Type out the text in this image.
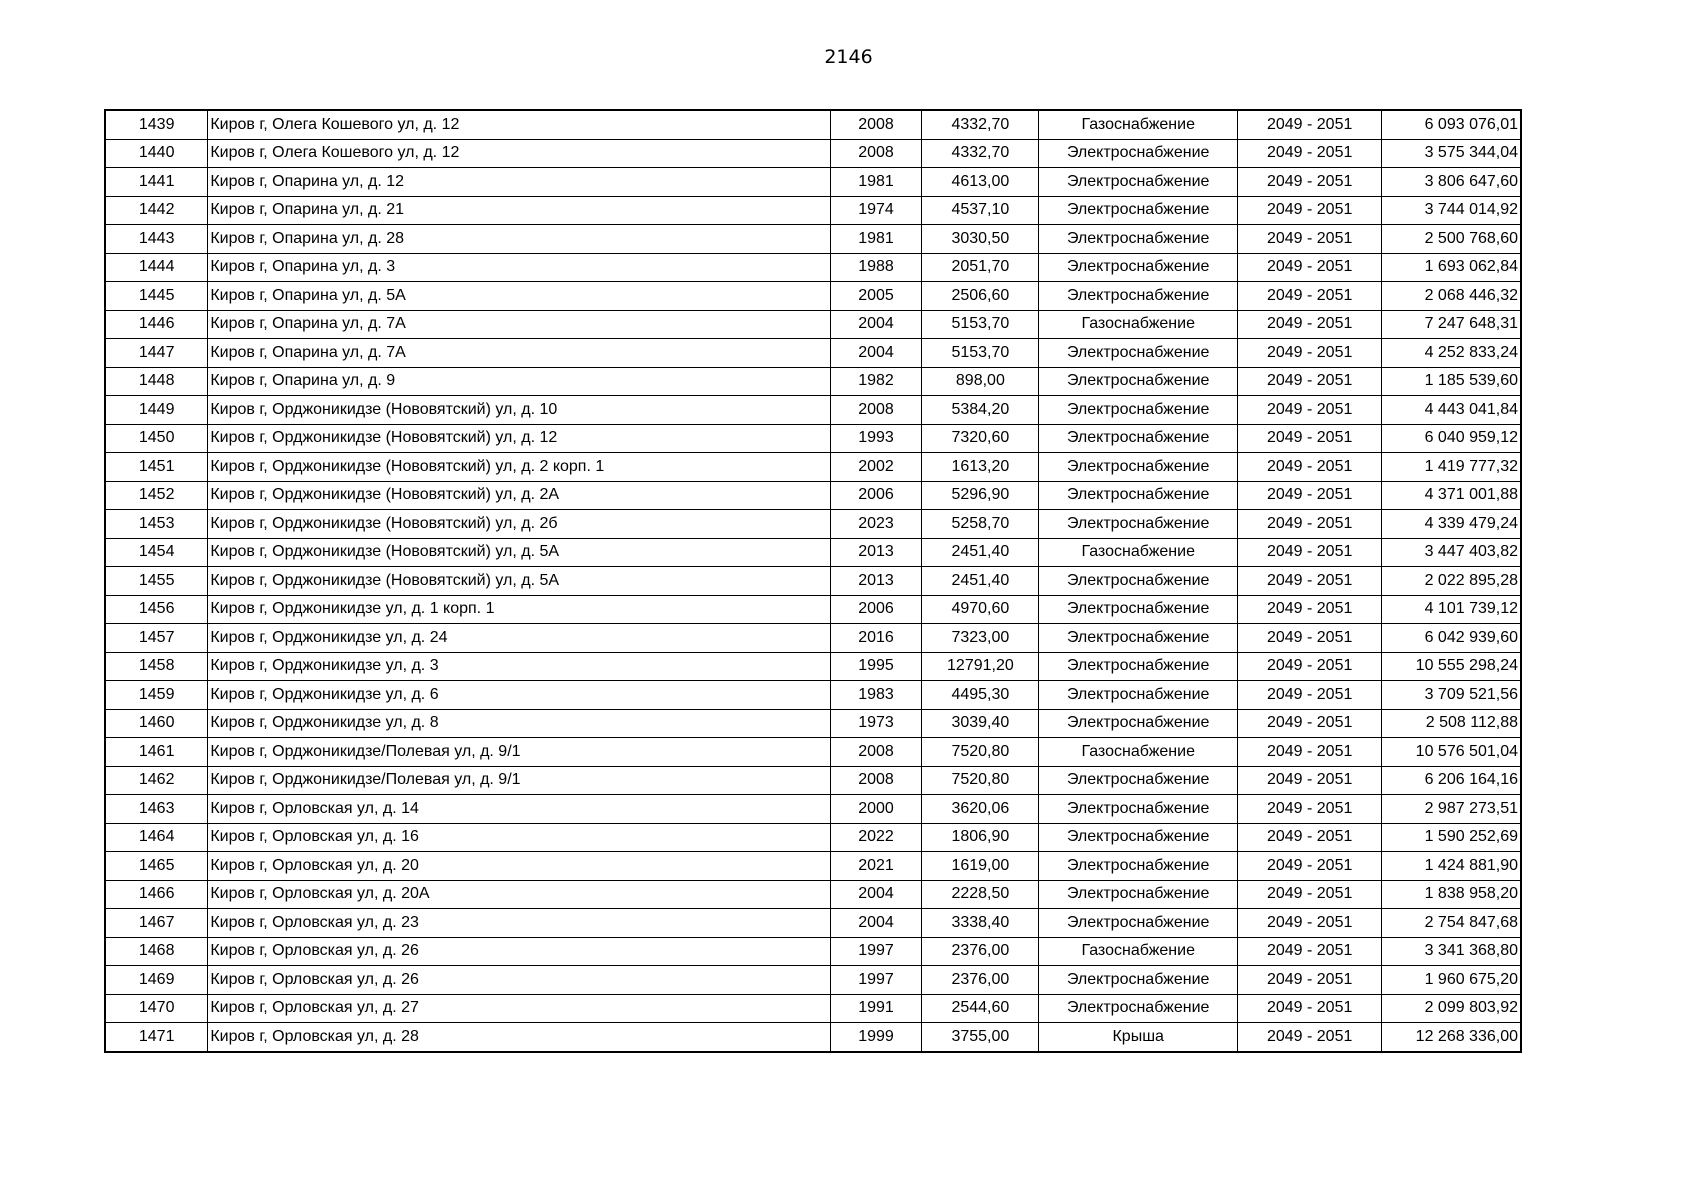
2146
1439	Киров г, Олега Кошевого ул, д. 12	2008	4332,70	Газоснабжение	2049 - 2051	6 093 076,01
1440	Киров г, Олега Кошевого ул, д. 12	2008	4332,70	Электроснабжение	2049 - 2051	3 575 344,04
1441	Киров г, Опарина ул, д. 12	1981	4613,00	Электроснабжение	2049 - 2051	3 806 647,60
1442	Киров г, Опарина ул, д. 21	1974	4537,10	Электроснабжение	2049 - 2051	3 744 014,92
1443	Киров г, Опарина ул, д. 28	1981	3030,50	Электроснабжение	2049 - 2051	2 500 768,60
1444	Киров г, Опарина ул, д. 3	1988	2051,70	Электроснабжение	2049 - 2051	1 693 062,84
1445	Киров г, Опарина ул, д. 5А	2005	2506,60	Электроснабжение	2049 - 2051	2 068 446,32
1446	Киров г, Опарина ул, д. 7А	2004	5153,70	Газоснабжение	2049 - 2051	7 247 648,31
1447	Киров г, Опарина ул, д. 7А	2004	5153,70	Электроснабжение	2049 - 2051	4 252 833,24
1448	Киров г, Опарина ул, д. 9	1982	898,00	Электроснабжение	2049 - 2051	1 185 539,60
1449	Киров г, Орджоникидзе (Нововятский) ул, д. 10	2008	5384,20	Электроснабжение	2049 - 2051	4 443 041,84
1450	Киров г, Орджоникидзе (Нововятский) ул, д. 12	1993	7320,60	Электроснабжение	2049 - 2051	6 040 959,12
1451	Киров г, Орджоникидзе (Нововятский) ул, д. 2 корп. 1	2002	1613,20	Электроснабжение	2049 - 2051	1 419 777,32
1452	Киров г, Орджоникидзе (Нововятский) ул, д. 2А	2006	5296,90	Электроснабжение	2049 - 2051	4 371 001,88
1453	Киров г, Орджоникидзе (Нововятский) ул, д. 2б	2023	5258,70	Электроснабжение	2049 - 2051	4 339 479,24
1454	Киров г, Орджоникидзе (Нововятский) ул, д. 5А	2013	2451,40	Газоснабжение	2049 - 2051	3 447 403,82
1455	Киров г, Орджоникидзе (Нововятский) ул, д. 5А	2013	2451,40	Электроснабжение	2049 - 2051	2 022 895,28
1456	Киров г, Орджоникидзе ул, д. 1 корп. 1	2006	4970,60	Электроснабжение	2049 - 2051	4 101 739,12
1457	Киров г, Орджоникидзе ул, д. 24	2016	7323,00	Электроснабжение	2049 - 2051	6 042 939,60
1458	Киров г, Орджоникидзе ул, д. 3	1995	12791,20	Электроснабжение	2049 - 2051	10 555 298,24
1459	Киров г, Орджоникидзе ул, д. 6	1983	4495,30	Электроснабжение	2049 - 2051	3 709 521,56
1460	Киров г, Орджоникидзе ул, д. 8	1973	3039,40	Электроснабжение	2049 - 2051	2 508 112,88
1461	Киров г, Орджоникидзе/Полевая ул, д. 9/1	2008	7520,80	Газоснабжение	2049 - 2051	10 576 501,04
1462	Киров г, Орджоникидзе/Полевая ул, д. 9/1	2008	7520,80	Электроснабжение	2049 - 2051	6 206 164,16
1463	Киров г, Орловская ул, д. 14	2000	3620,06	Электроснабжение	2049 - 2051	2 987 273,51
1464	Киров г, Орловская ул, д. 16	2022	1806,90	Электроснабжение	2049 - 2051	1 590 252,69
1465	Киров г, Орловская ул, д. 20	2021	1619,00	Электроснабжение	2049 - 2051	1 424 881,90
1466	Киров г, Орловская ул, д. 20А	2004	2228,50	Электроснабжение	2049 - 2051	1 838 958,20
1467	Киров г, Орловская ул, д. 23	2004	3338,40	Электроснабжение	2049 - 2051	2 754 847,68
1468	Киров г, Орловская ул, д. 26	1997	2376,00	Газоснабжение	2049 - 2051	3 341 368,80
1469	Киров г, Орловская ул, д. 26	1997	2376,00	Электроснабжение	2049 - 2051	1 960 675,20
1470	Киров г, Орловская ул, д. 27	1991	2544,60	Электроснабжение	2049 - 2051	2 099 803,92
1471	Киров г, Орловская ул, д. 28	1999	3755,00	Крыша	2049 - 2051	12 268 336,00
